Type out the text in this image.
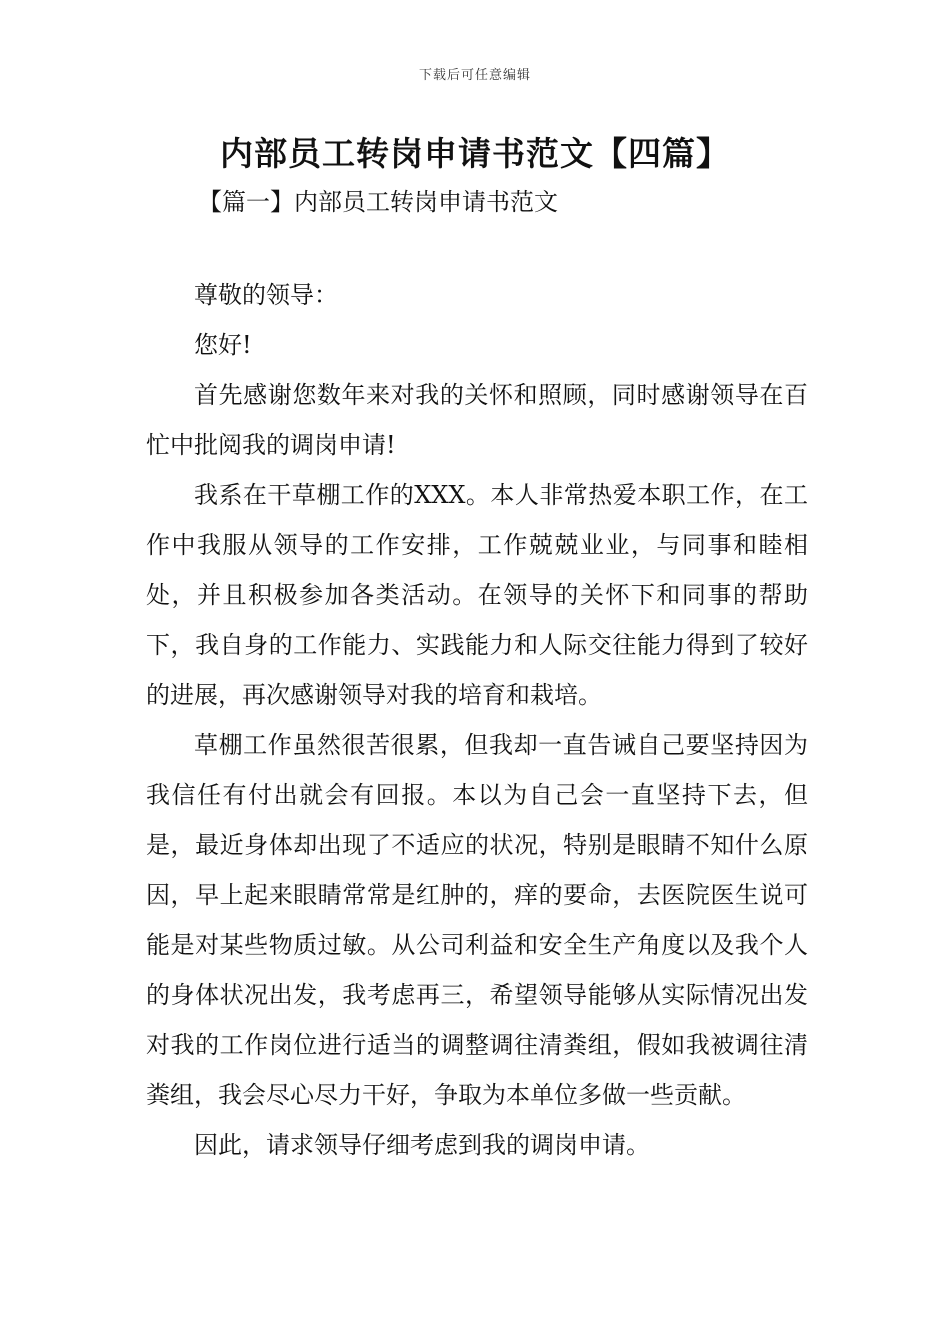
下载后可任意编辑
内部员工转岗申请书范文【四篇】
【篇一】内部员工转岗申请书范文

尊敬的领导：

您好!

首先感谢您数年来对我的关怀和照顾，同时感谢领导在百忙中批阅我的调岗申请!

我系在干草棚工作的XXX。本人非常热爱本职工作，在工作中我服从领导的工作安排，工作兢兢业业，与同事和睦相处，并且积极参加各类活动。在领导的关怀下和同事的帮助下，我自身的工作能力、实践能力和人际交往能力得到了较好的进展，再次感谢领导对我的培育和栽培。

草棚工作虽然很苦很累，但我却一直告诫自己要坚持因为我信任有付出就会有回报。本以为自己会一直坚持下去，但是，最近身体却出现了不适应的状况，特别是眼睛不知什么原因，早上起来眼睛常常是红肿的，痒的要命，去医院医生说可能是对某些物质过敏。从公司利益和安全生产角度以及我个人的身体状况出发，我考虑再三，希望领导能够从实际情况出发对我的工作岗位进行适当的调整调往清粪组，假如我被调往清粪组，我会尽心尽力干好，争取为本单位多做一些贡献。

因此，请求领导仔细考虑到我的调岗申请。
